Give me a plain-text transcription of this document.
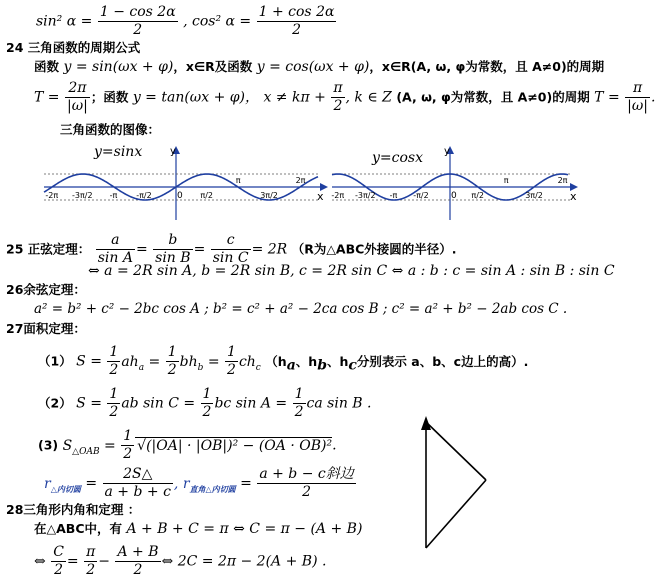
sin² $\alpha = \frac{1 - \cos 2\alpha}{2}$ , cos² $\alpha = \frac{1 + \cos 2\alpha}{2}$
24 三角函数的周期公式
函数 y = sin(ωx + φ)，x∈R及函数 y = cos(ωx + φ)，x∈R(A, ω, φ为常数，且 A≠0)的周期
$T = \frac{2\pi}{|\omega|}$ ；函数 y = tan(ωx + φ)， $x \ne k\pi + \frac{\pi}{2}$ , k ∈ Z (A, ω, φ为常数，且 A≠0)的周期 $T = \frac{\pi}{|\omega|}$
三角函数的图像：
y=sinx
x
y
-2π -3π/2 -π -π/2	π/2
π
3π/2
2π
0
y=cosx
x
y
-2π -3π/2 -π -π/2	π/2
π
3π/2
2π
0
25 正弦定理： $\frac{a}{\text{sin A}} = \frac{b}{\text{sin B}} = \frac{c}{\text{sin C}} = 2R$ （R为△ABC外接圆的半径）.
⇔ a = 2R sin A, b = 2R sin B, c = 2R sin C ⇔ a : b : c = sin A : sin B : sin C
26余弦定理：
a² = b² + c² − 2bc cos A ; b² = c² + a² − 2ca cos B ; c² = a² + b² − 2ab cos C .
27面积定理：
（1） $S = \frac{1}{2} ah_a = \frac{1}{2} bh_b = \frac{1}{2} ch_c$ （$h_a$、$h_b$、$h_c$分别表示 a、b、c边上的高）.
（2） $S = \frac{1}{2}$ ab $\sin C = \frac{1}{2}$ bc $\sin A = \frac{1}{2}$ ca sin B .
(3) $S_{\triangle OAB} = \frac{1}{2} √(|OA| \cdot |OB|)^2 - (OA \cdot OB)^2$.
$r_{\triangle 内切圆} = \frac{2S\triangle}{a + b + c}$ , $r_{直角\triangle 内切圆}$ =
a + b − c斜边
2
28三角形内角和定理 ：
在△ABC中，有 A + B + C = π ⇔ C = π − (A + B)
⇔ $\frac{C}{2} = \frac{\pi}{2} - \frac{A + B}{2}$ ⇔ 2C = 2π − 2(A + B) .
